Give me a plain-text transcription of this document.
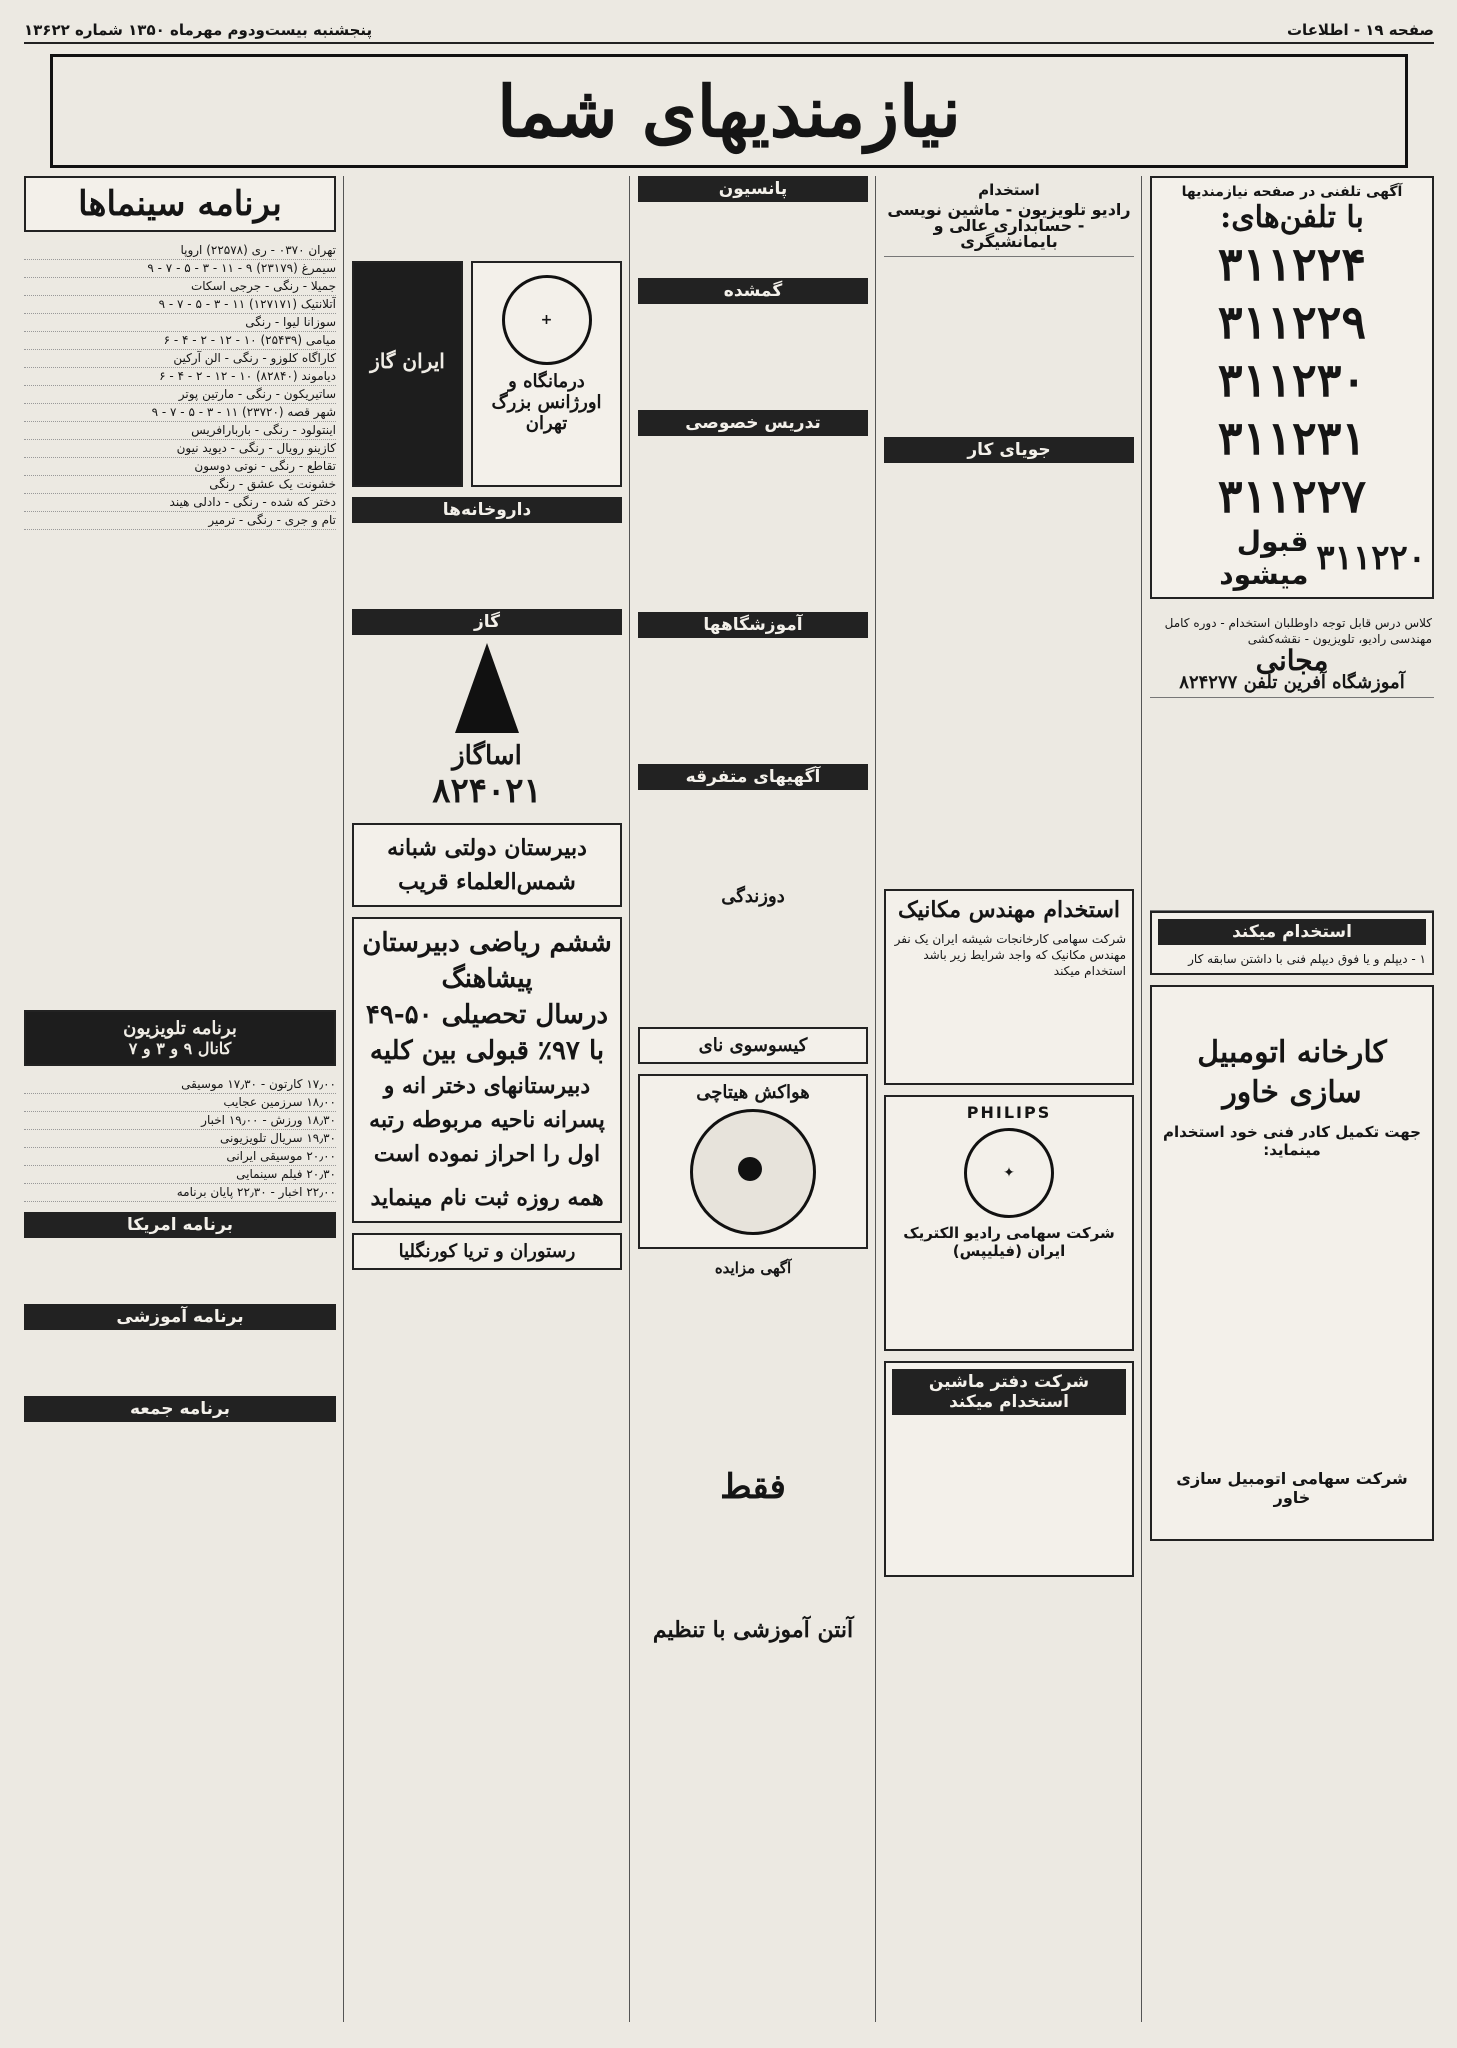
صفحه ۱۹ - اطلاعات
پنجشنبه بیست‌ودوم مهرماه ۱۳۵۰ شماره ۱۳۶۲۲
نیازمندیهای شما
آگهی تلفنی در صفحه نیازمندیها
با تلفن‌های:
۳۱۱۲۲۴
۳۱۱۲۲۹
۳۱۱۲۳۰
۳۱۱۲۳۱
۳۱۱۲۲۷
۳۱۱۲۲۰
قبول میشود
کلاس درس قابل توجه داوطلبان استخدام - دوره کامل مهندسی رادیو، تلویزیون - نقشه‌کشی
مجانی
آموزشگاه آفرین تلفن ۸۲۴۲۷۷
استخدام میکند
۱ - دیپلم و یا فوق دیپلم فنی با داشتن سابقه کار
کارخانه اتومبیل سازی خاور
جهت تکمیل کادر فنی خود استخدام مینماید:
شرکت سهامی اتومبیل سازی خاور
استخدام
رادیو تلویزیون - ماشین نویسی - حسابداری عالی و بایمانشیگری
جویای کار
استخدام مهندس مکانیک
شرکت سهامی کارخانجات شیشه ایران یک نفر مهندس مکانیک که واجد شرایط زیر باشد استخدام میکند
PHILIPS
✦
شرکت سهامی رادیو الکتریک ایران (فیلیپس)
شرکت دفتر ماشین استخدام میکند
پانسیون
گمشده
تدریس خصوصی
آموزشگاهها
آگهیهای متفرقه
دوزندگی
کیسوسوی نای
هواکش هیتاچی
آگهی مزایده
فقط
آنتن آموزشی با تنظیم
+
درمانگاه و اورژانس بزرگ تهران
ایران گاز
داروخانه‌ها
گاز
اساگاز
۸۲۴۰۲۱
دبیرستان دولتی شبانه شمس‌العلماء قریب
ششم ریاضی دبیرستان پیشاهنگ
درسال تحصیلی ۵۰-۴۹
با ۹۷٪ قبولی بین کلیه
دبیرستانهای دختر انه و پسرانه ناحیه مربوطه رتبه اول را احراز نموده است
همه روزه ثبت نام مینماید
رستوران و تریا کورنگلیا
برنامه سینماها
تهران ۰۳۷۰ - ری (۲۲۵۷۸) اروپا
سیمرغ (۲۳۱۷۹) ۹ - ۱۱ - ۳ - ۵ - ۷ - ۹
جمیلا - رنگی - جرجی اسکات
آتلانتیک (۱۲۷۱۷۱) ۱۱ - ۳ - ۵ - ۷ - ۹
سوزانا لیوا - رنگی
میامی (۲۵۴۳۹) ۱۰ - ۱۲ - ۲ - ۴ - ۶
کاراگاه کلوزو - رنگی - الن آرکین
دیاموند (۸۲۸۴۰) ۱۰ - ۱۲ - ۲ - ۴ - ۶
ساتیریکون - رنگی - مارتین پوتر
شهر قصه (۲۳۷۲۰) ۱۱ - ۳ - ۵ - ۷ - ۹
اینتولود - رنگی - باربارافریس
کازینو رویال - رنگی - دیوید نیون
تقاطع - رنگی - نوتی دوسون
خشونت یک عشق - رنگی
دختر که شده - رنگی - دادلی هیند
تام و جری - رنگی - ترمیر
برنامه تلویزیون
کانال ۹ و ۳ و ۷
۱۷٫۰۰ کارتون - ۱۷٫۳۰ موسیقی
۱۸٫۰۰ سرزمین عجایب
۱۸٫۳۰ ورزش - ۱۹٫۰۰ اخبار
۱۹٫۳۰ سریال تلویزیونی
۲۰٫۰۰ موسیقی ایرانی
۲۰٫۳۰ فیلم سینمایی
۲۲٫۰۰ اخبار - ۲۲٫۳۰ پایان برنامه
برنامه امریکا
برنامه آموزشی
برنامه جمعه
